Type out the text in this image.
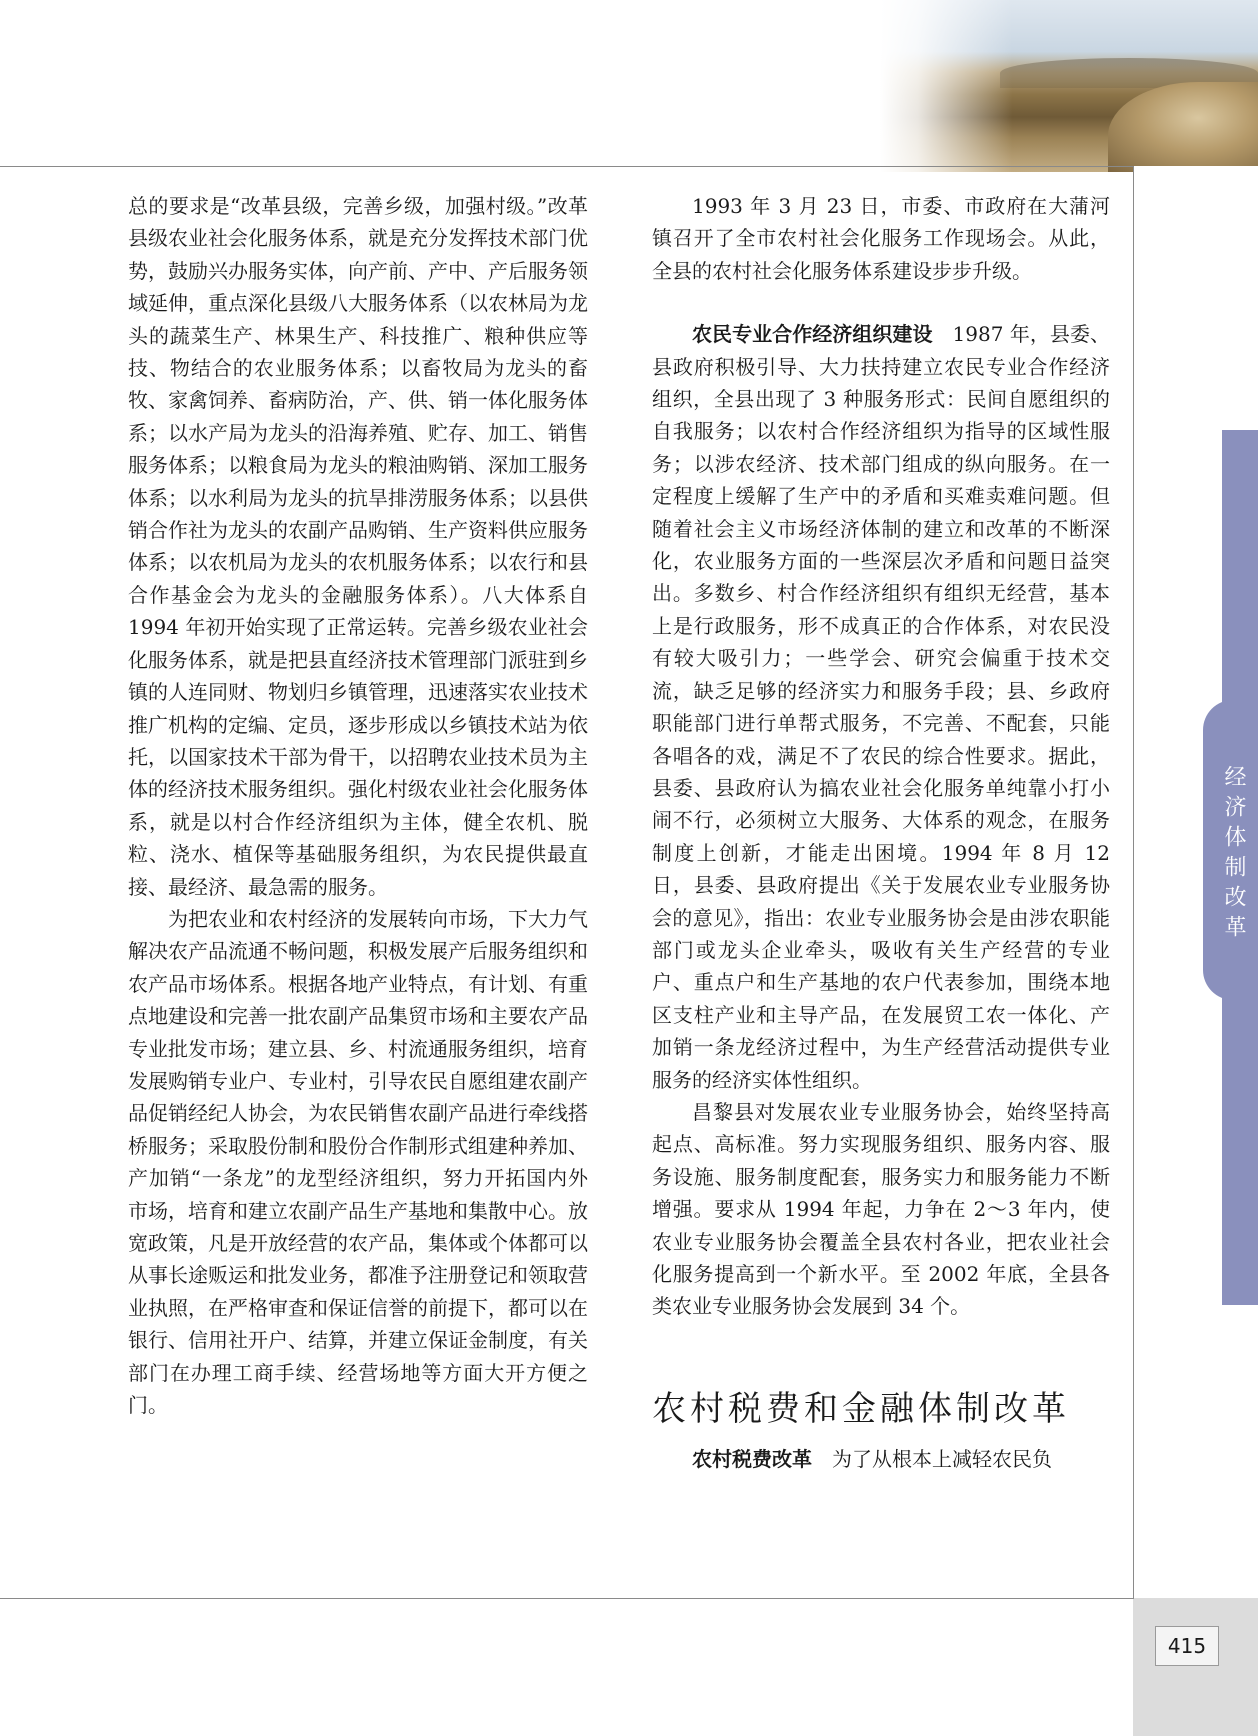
经济体制改革

总的要求是“改革县级，完善乡级，加强村级。”改革县级农业社会化服务体系，就是充分发挥技术部门优势，鼓励兴办服务实体，向产前、产中、产后服务领域延伸，重点深化县级八大服务体系（以农林局为龙头的蔬菜生产、林果生产、科技推广、粮种供应等技、物结合的农业服务体系；以畜牧局为龙头的畜牧、家禽饲养、畜病防治，产、供、销一体化服务体系；以水产局为龙头的沿海养殖、贮存、加工、销售服务体系；以粮食局为龙头的粮油购销、深加工服务体系；以水利局为龙头的抗旱排涝服务体系；以县供销合作社为龙头的农副产品购销、生产资料供应服务体系；以农机局为龙头的农机服务体系；以农行和县合作基金会为龙头的金融服务体系）。八大体系自 1994 年初开始实现了正常运转。完善乡级农业社会化服务体系，就是把县直经济技术管理部门派驻到乡镇的人连同财、物划归乡镇管理，迅速落实农业技术推广机构的定编、定员，逐步形成以乡镇技术站为依托，以国家技术干部为骨干，以招聘农业技术员为主体的经济技术服务组织。强化村级农业社会化服务体系，就是以村合作经济组织为主体，健全农机、脱粒、浇水、植保等基础服务组织，为农民提供最直接、最经济、最急需的服务。

为把农业和农村经济的发展转向市场，下大力气解决农产品流通不畅问题，积极发展产后服务组织和农产品市场体系。根据各地产业特点，有计划、有重点地建设和完善一批农副产品集贸市场和主要农产品专业批发市场；建立县、乡、村流通服务组织，培育发展购销专业户、专业村，引导农民自愿组建农副产品促销经纪人协会，为农民销售农副产品进行牵线搭桥服务；采取股份制和股份合作制形式组建种养加、产加销“一条龙”的龙型经济组织，努力开拓国内外市场，培育和建立农副产品生产基地和集散中心。放宽政策，凡是开放经营的农产品，集体或个体都可以从事长途贩运和批发业务，都准予注册登记和领取营业执照，在严格审查和保证信誉的前提下，都可以在银行、信用社开户、结算，并建立保证金制度，有关部门在办理工商手续、经营场地等方面大开方便之门。

1993 年 3 月 23 日，市委、市政府在大蒲河镇召开了全市农村社会化服务工作现场会。从此，全县的农村社会化服务体系建设步步升级。

农民专业合作经济组织建设　1987 年，县委、县政府积极引导、大力扶持建立农民专业合作经济组织，全县出现了 3 种服务形式：民间自愿组织的自我服务；以农村合作经济组织为指导的区域性服务；以涉农经济、技术部门组成的纵向服务。在一定程度上缓解了生产中的矛盾和买难卖难问题。但随着社会主义市场经济体制的建立和改革的不断深化，农业服务方面的一些深层次矛盾和问题日益突出。多数乡、村合作经济组织有组织无经营，基本上是行政服务，形不成真正的合作体系，对农民没有较大吸引力；一些学会、研究会偏重于技术交流，缺乏足够的经济实力和服务手段；县、乡政府职能部门进行单帮式服务，不完善、不配套，只能各唱各的戏，满足不了农民的综合性要求。据此，县委、县政府认为搞农业社会化服务单纯靠小打小闹不行，必须树立大服务、大体系的观念，在服务制度上创新，才能走出困境。1994 年 8 月 12 日，县委、县政府提出《关于发展农业专业服务协会的意见》，指出：农业专业服务协会是由涉农职能部门或龙头企业牵头，吸收有关生产经营的专业户、重点户和生产基地的农户代表参加，围绕本地区支柱产业和主导产品，在发展贸工农一体化、产加销一条龙经济过程中，为生产经营活动提供专业服务的经济实体性组织。

昌黎县对发展农业专业服务协会，始终坚持高起点、高标准。努力实现服务组织、服务内容、服务设施、服务制度配套，服务实力和服务能力不断增强。要求从 1994 年起，力争在 2～3 年内，使农业专业服务协会覆盖全县农村各业，把农业社会化服务提高到一个新水平。至 2002 年底，全县各类农业专业服务协会发展到 34 个。

农村税费和金融体制改革

农村税费改革　为了从根本上减轻农民负

415
